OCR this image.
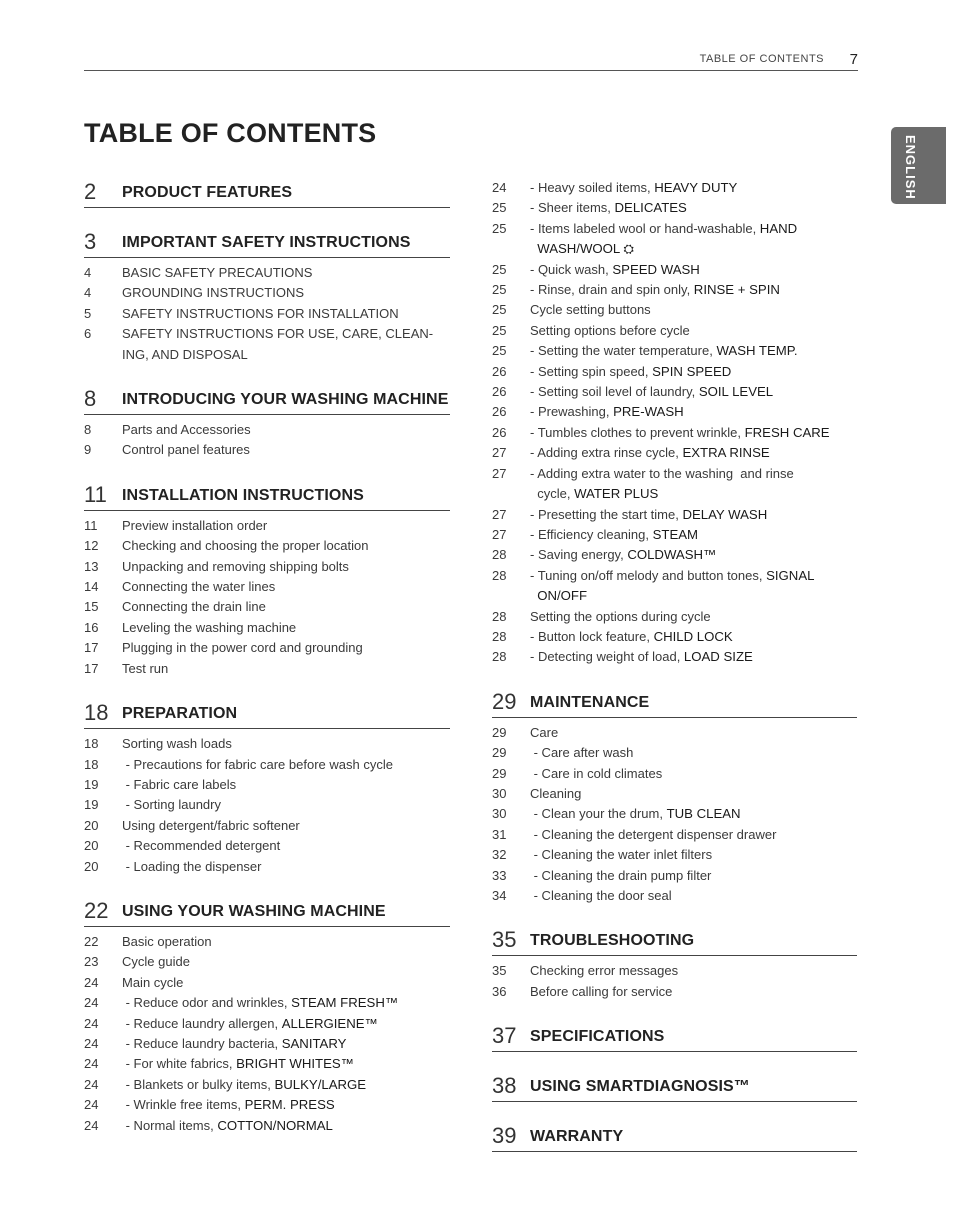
TABLE OF CONTENTS 7
ENGLISH
TABLE OF CONTENTS
2	PRODUCT FEATURES
3	IMPORTANT SAFETY INSTRUCTIONS
4	BASIC SAFETY PRECAUTIONS
4	GROUNDING INSTRUCTIONS
5	SAFETY INSTRUCTIONS FOR INSTALLATION
6	SAFETY INSTRUCTIONS FOR USE, CARE, CLEAN-
ING, AND DISPOSAL
8	INTRODUCING YOUR WASHING MACHINE
8	Parts and Accessories
9	Control panel features
11 INSTALLATION INSTRUCTIONS
11	Preview installation order
12	Checking and choosing the proper location
13	Unpacking and removing shipping bolts
14	Connecting the water lines
15	Connecting the drain line
16	Leveling the washing machine
17	Plugging in the power cord and grounding
17	Test run
18 PREPARATION
18	Sorting wash loads
18	- Precautions for fabric care before wash cycle
19	- Fabric care labels
19	- Sorting laundry
20	Using detergent/fabric softener
20	- Recommended detergent
20	- Loading the dispenser
22 USING YOUR WASHING MACHINE
22	Basic operation
23	Cycle guide
24	Main cycle
24	- Reduce odor and wrinkles, STEAM FRESH™
24	- Reduce laundry allergen, ALLERGIENE™
24	- Reduce laundry bacteria, SANITARY
24	- For white fabrics, BRIGHT WHITES™
24	- Blankets or bulky items, BULKY/LARGE
24	- Wrinkle free items, PERM. PRESS
24	- Normal items, COTTON/NORMAL
24	- Heavy soiled items, HEAVY DUTY
25	- Sheer items, DELICATES
25	- Items labeled wool or hand-washable, HAND
WASH/WOOL ⛭
25	- Quick wash, SPEED WASH
25	- Rinse, drain and spin only, RINSE + SPIN
25	Cycle setting buttons
25	Setting options before cycle
25	- Setting the water temperature, WASH TEMP.
26	- Setting spin speed, SPIN SPEED
26	- Setting soil level of laundry, SOIL LEVEL
26	- Prewashing, PRE-WASH
26	- Tumbles clothes to prevent wrinkle, FRESH CARE
27	- Adding extra rinse cycle, EXTRA RINSE
27	- Adding extra water to the washing  and rinse
cycle, WATER PLUS
27	- Presetting the start time, DELAY WASH
27	- Efficiency cleaning, STEAM
28	- Saving energy, COLDWASH™
28	- Tuning on/off melody and button tones, SIGNAL
ON/OFF
28	Setting the options during cycle
28	- Button lock feature, CHILD LOCK
28	- Detecting weight of load, LOAD SIZE
29 MAINTENANCE
29	Care
29	- Care after wash
29	- Care in cold climates
30	Cleaning
30	- Clean your the drum, TUB CLEAN
31	- Cleaning the detergent dispenser drawer
32	- Cleaning the water inlet filters
33	- Cleaning the drain pump filter
34	- Cleaning the door seal
35 TROUBLESHOOTING
35	Checking error messages
36	Before calling for service
37 SPECIFICATIONS
38 USING SMARTDIAGNOSIS™
39 WARRANTY
